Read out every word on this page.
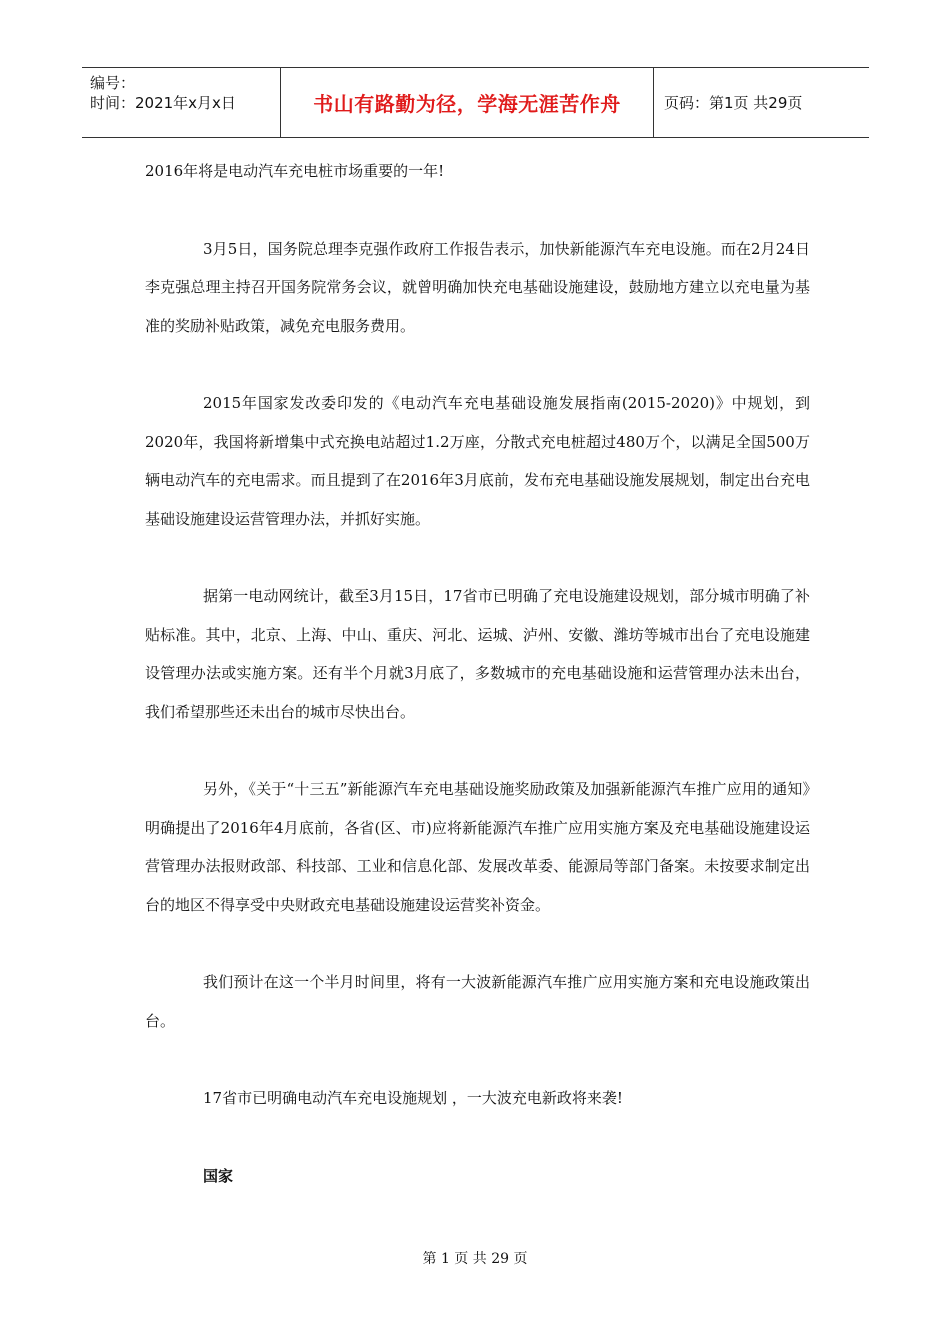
编号：
时间：2021年x月x日	书山有路勤为径，学海无涯苦作舟	页码：第1页 共29页

2016年将是电动汽车充电桩市场重要的一年!

3月5日，国务院总理李克强作政府工作报告表示，加快新能源汽车充电设施。而在2月24日李克强总理主持召开国务院常务会议，就曾明确加快充电基础设施建设，鼓励地方建立以充电量为基准的奖励补贴政策，减免充电服务费用。

2015年国家发改委印发的《电动汽车充电基础设施发展指南(2015-2020)》中规划，到2020年，我国将新增集中式充换电站超过1.2万座，分散式充电桩超过480万个，以满足全国500万辆电动汽车的充电需求。而且提到了在2016年3月底前，发布充电基础设施发展规划，制定出台充电基础设施建设运营管理办法，并抓好实施。

据第一电动网统计，截至3月15日，17省市已明确了充电设施建设规划，部分城市明确了补贴标准。其中，北京、上海、中山、重庆、河北、运城、泸州、安徽、潍坊等城市出台了充电设施建设管理办法或实施方案。还有半个月就3月底了，多数城市的充电基础设施和运营管理办法未出台，我们希望那些还未出台的城市尽快出台。

另外，《关于“十三五”新能源汽车充电基础设施奖励政策及加强新能源汽车推广应用的通知》明确提出了2016年4月底前，各省(区、市)应将新能源汽车推广应用实施方案及充电基础设施建设运营管理办法报财政部、科技部、工业和信息化部、发展改革委、能源局等部门备案。未按要求制定出台的地区不得享受中央财政充电基础设施建设运营奖补资金。

我们预计在这一个半月时间里，将有一大波新能源汽车推广应用实施方案和充电设施政策出台。

17省市已明确电动汽车充电设施规划 ，一大波充电新政将来袭!

国家

第 1 页 共 29 页
